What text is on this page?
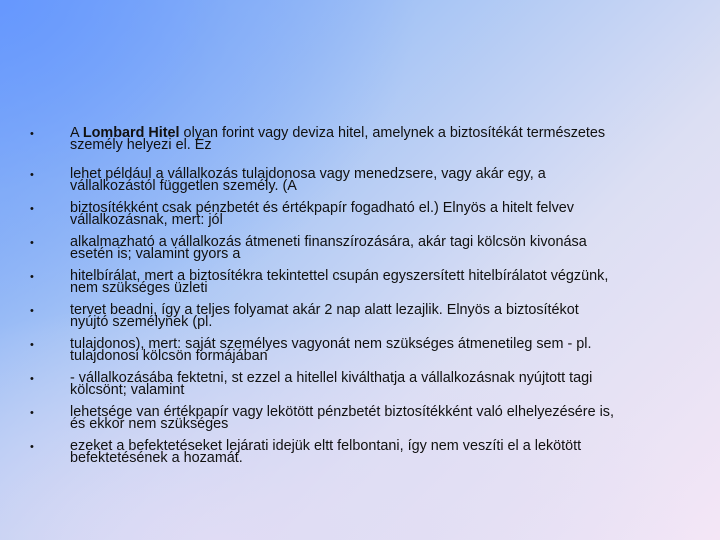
•	A Lombard Hitel olyan forint vagy deviza hitel, amelynek a biztosítékát természetes
személy helyezi el. Ez
•	lehet például a vállalkozás tulajdonosa vagy menedzsere, vagy akár egy, a
vállalkozástól független személy. (A
•	biztosítékként csak pénzbetét és értékpapír fogadható el.) Elnyös a hitelt felvev
vállalkozásnak, mert: jól
•	alkalmazható a vállalkozás átmeneti finanszírozására, akár tagi kölcsön kivonása
esetén is; valamint gyors a
•	hitelbírálat, mert a biztosítékra tekintettel csupán egyszersített hitelbírálatot végzünk,
nem szükséges üzleti
•	tervet beadni, így a teljes folyamat akár 2 nap alatt lezajlik. Elnyös a biztosítékot
nyújtó személynek (pl.
•	tulajdonos), mert: saját személyes vagyonát nem szükséges átmenetileg sem - pl.
tulajdonosi kölcsön formájában
•	- vállalkozásába fektetni, st ezzel a hitellel kiválthatja a vállalkozásnak nyújtott tagi
kölcsönt; valamint
•	lehetsége van értékpapír vagy lekötött pénzbetét biztosítékként való elhelyezésére is,
és ekkor nem szükséges
•	ezeket a befektetéseket lejárati idejük eltt felbontani, így nem veszíti el a lekötött
befektetésének a hozamát.
